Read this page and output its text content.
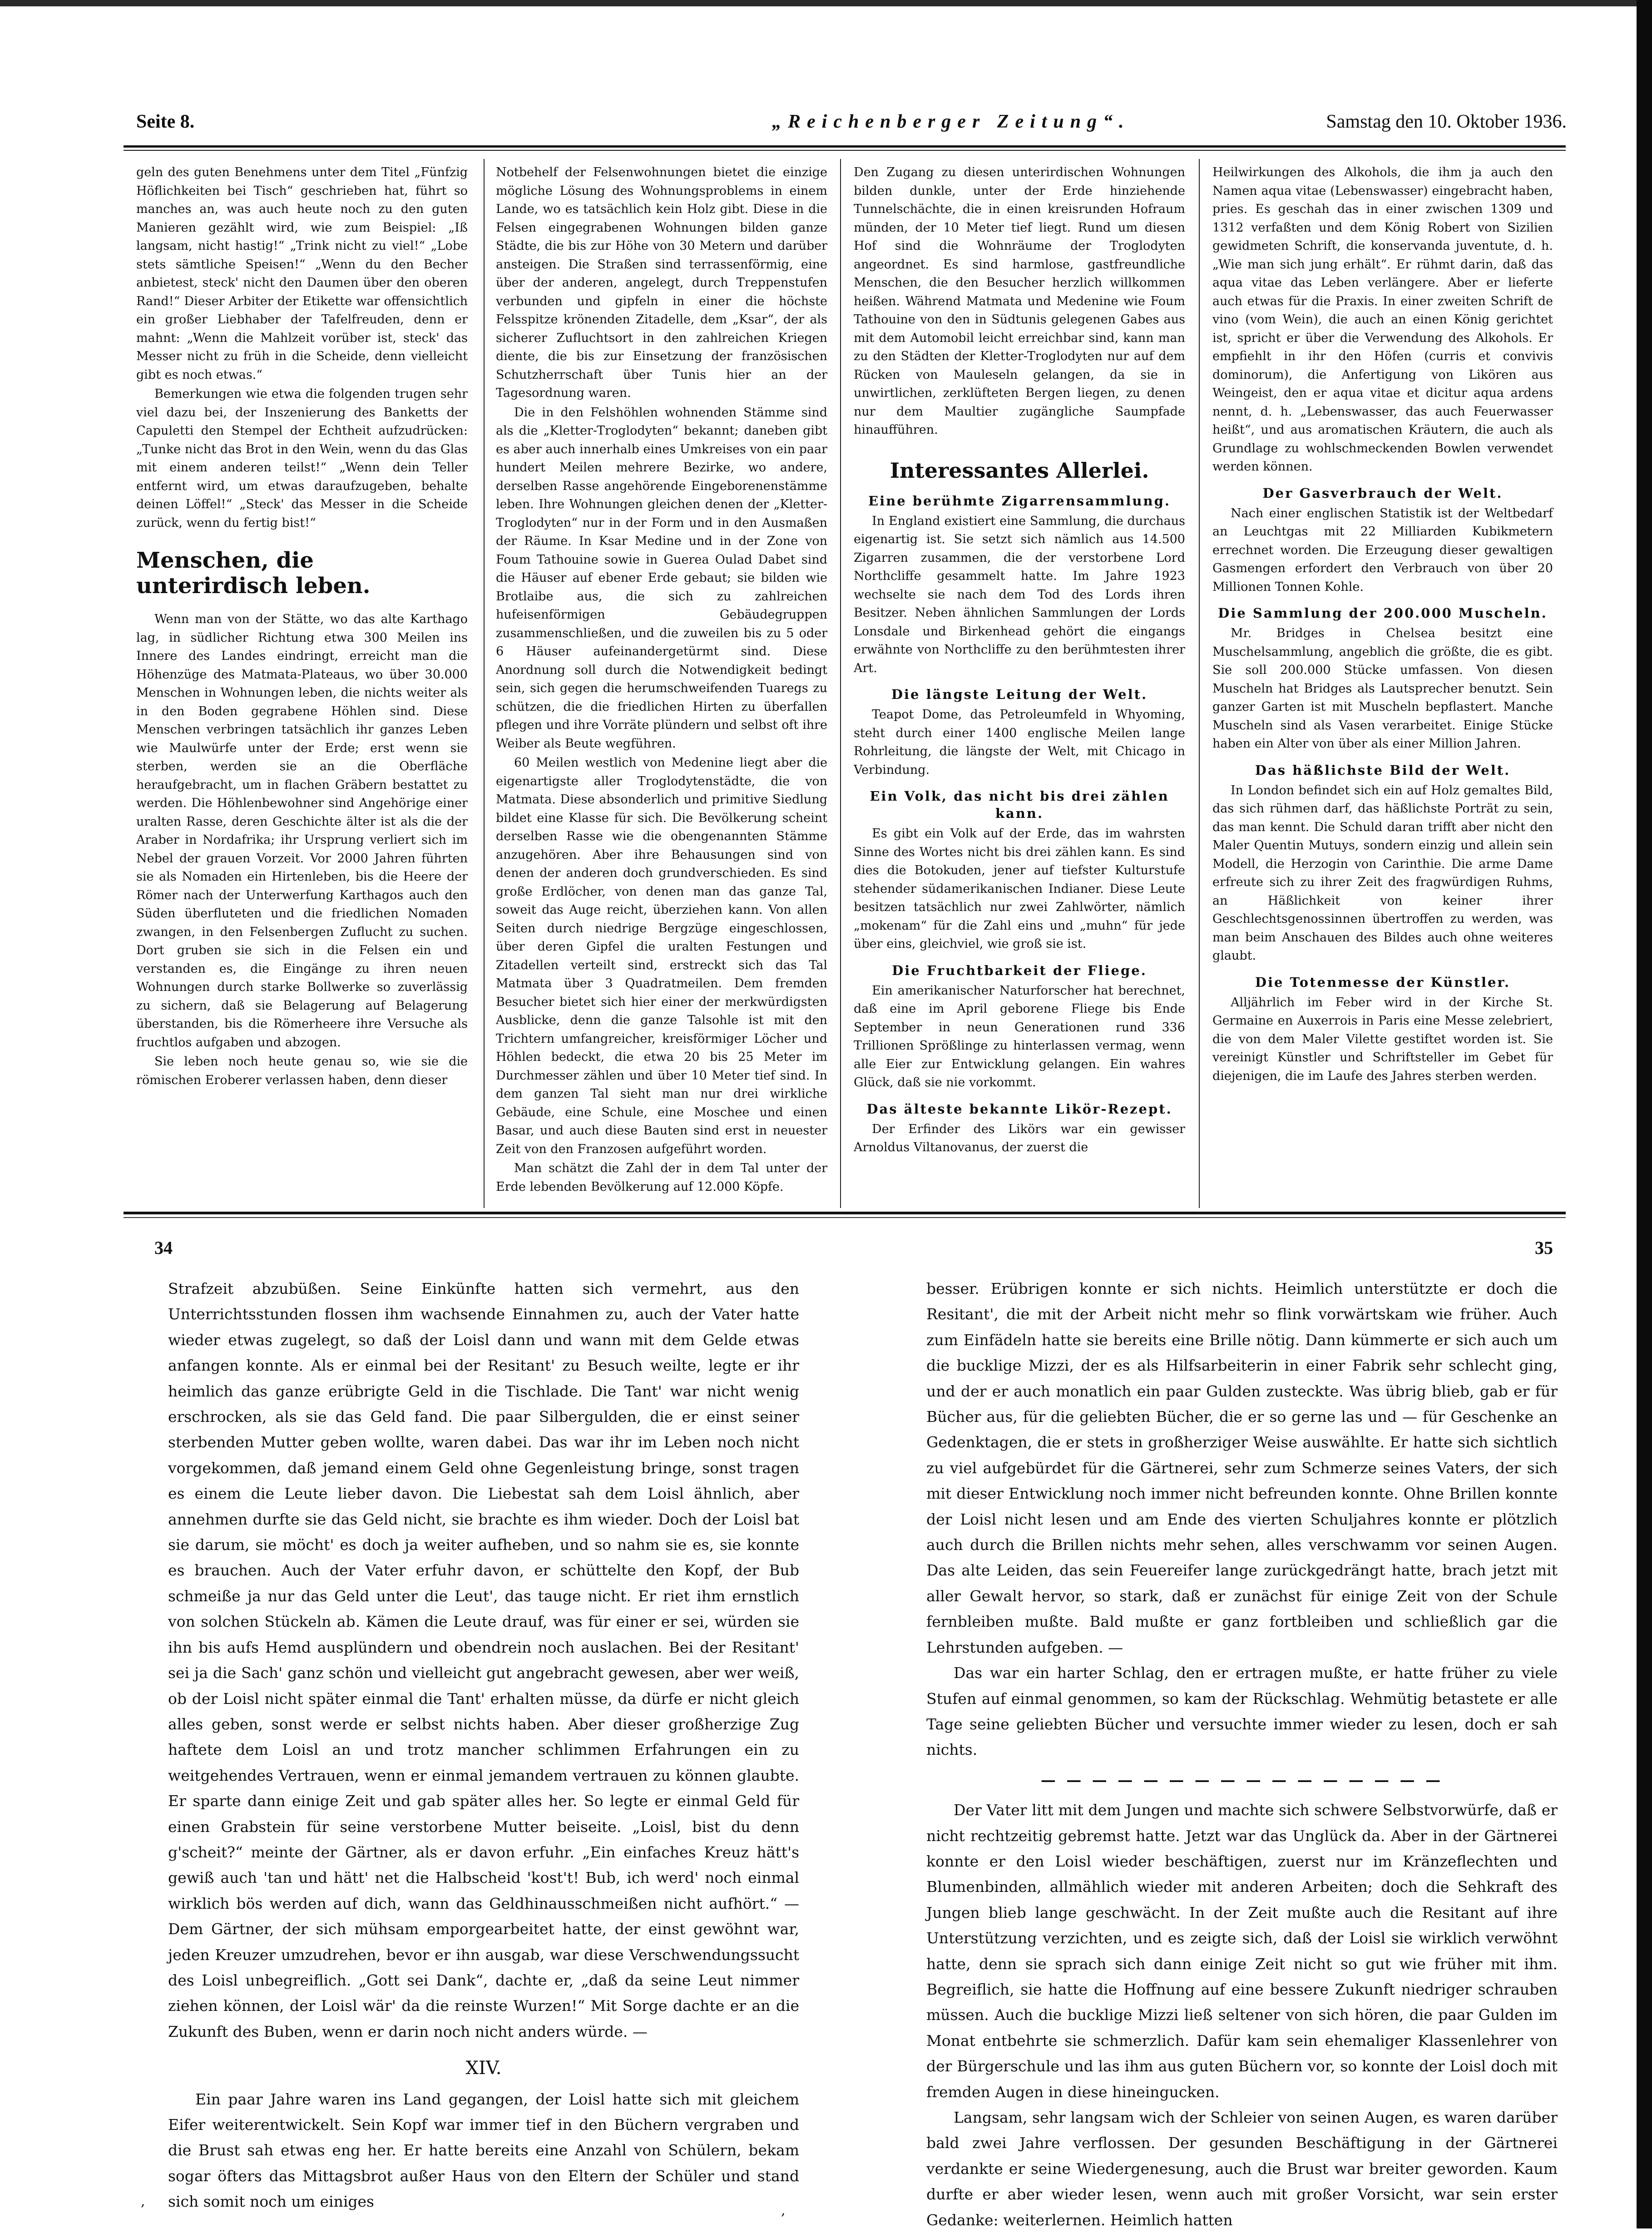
Seite 8.	„Reichenberger Zeitung“.	Samstag den 10. Oktober 1936.

geln des guten Benehmens unter dem Titel „Fünfzig Höflichkeiten bei Tisch“ geschrieben hat, führt so manches an, was auch heute noch zu den guten Manieren gezählt wird, wie zum Beispiel: „Iß langsam, nicht hastig!“ „Trink nicht zu viel!“ „Lobe stets sämtliche Speisen!“ „Wenn du den Becher anbietest, steck' nicht den Daumen über den oberen Rand!“ Dieser Arbiter der Etikette war offensichtlich ein großer Liebhaber der Tafelfreuden, denn er mahnt: „Wenn die Mahlzeit vorüber ist, steck' das Messer nicht zu früh in die Scheide, denn vielleicht gibt es noch etwas.“

Bemerkungen wie etwa die folgenden trugen sehr viel dazu bei, der Inszenierung des Banketts der Capuletti den Stempel der Echtheit aufzudrücken: „Tunke nicht das Brot in den Wein, wenn du das Glas mit einem anderen teilst!“ „Wenn dein Teller entfernt wird, um etwas daraufzugeben, behalte deinen Löffel!“ „Steck' das Messer in die Scheide zurück, wenn du fertig bist!“

Menschen, die unterirdisch leben.

Wenn man von der Stätte, wo das alte Karthago lag, in südlicher Richtung etwa 300 Meilen ins Innere des Landes eindringt, erreicht man die Höhenzüge des Matmata-Plateaus, wo über 30.000 Menschen in Wohnungen leben, die nichts weiter als in den Boden gegrabene Höhlen sind. Diese Menschen verbringen tatsächlich ihr ganzes Leben wie Maulwürfe unter der Erde; erst wenn sie sterben, werden sie an die Oberfläche heraufgebracht, um in flachen Gräbern bestattet zu werden. Die Höhlenbewohner sind Angehörige einer uralten Rasse, deren Geschichte älter ist als die der Araber in Nordafrika; ihr Ursprung verliert sich im Nebel der grauen Vorzeit. Vor 2000 Jahren führten sie als Nomaden ein Hirtenleben, bis die Heere der Römer nach der Unterwerfung Karthagos auch den Süden überfluteten und die friedlichen Nomaden zwangen, in den Felsenbergen Zuflucht zu suchen. Dort gruben sie sich in die Felsen ein und verstanden es, die Eingänge zu ihren neuen Wohnungen durch starke Bollwerke so zuverlässig zu sichern, daß sie Belagerung auf Belagerung überstanden, bis die Römerheere ihre Versuche als fruchtlos aufgaben und abzogen.

Sie leben noch heute genau so, wie sie die römischen Eroberer verlassen haben, denn dieser

Notbehelf der Felsenwohnungen bietet die einzige mögliche Lösung des Wohnungsproblems in einem Lande, wo es tatsächlich kein Holz gibt. Diese in die Felsen eingegrabenen Wohnungen bilden ganze Städte, die bis zur Höhe von 30 Metern und darüber ansteigen. Die Straßen sind terrassenförmig, eine über der anderen, angelegt, durch Treppenstufen verbunden und gipfeln in einer die höchste Felsspitze krönenden Zitadelle, dem „Ksar“, der als sicherer Zufluchtsort in den zahlreichen Kriegen diente, die bis zur Einsetzung der französischen Schutzherrschaft über Tunis hier an der Tagesordnung waren.

Die in den Felshöhlen wohnenden Stämme sind als die „Kletter-Troglodyten“ bekannt; daneben gibt es aber auch innerhalb eines Umkreises von ein paar hundert Meilen mehrere Bezirke, wo andere, derselben Rasse angehörende Eingeborenenstämme leben. Ihre Wohnungen gleichen denen der „Kletter-Troglodyten“ nur in der Form und in den Ausmaßen der Räume. In Ksar Medine und in der Zone von Foum Tathouine sowie in Guerea Oulad Dabet sind die Häuser auf ebener Erde gebaut; sie bilden wie Brotlaibe aus, die sich zu zahlreichen hufeisenförmigen Gebäudegruppen zusammenschließen, und die zuweilen bis zu 5 oder 6 Häuser aufeinandergetürmt sind. Diese Anordnung soll durch die Notwendigkeit bedingt sein, sich gegen die herumschweifenden Tuaregs zu schützen, die die friedlichen Hirten zu überfallen pflegen und ihre Vorräte plündern und selbst oft ihre Weiber als Beute wegführen.

60 Meilen westlich von Medenine liegt aber die eigenartigste aller Troglodytenstädte, die von Matmata. Diese absonderlich und primitive Siedlung bildet eine Klasse für sich. Die Bevölkerung scheint derselben Rasse wie die obengenannten Stämme anzugehören. Aber ihre Behausungen sind von denen der anderen doch grundverschieden. Es sind große Erdlöcher, von denen man das ganze Tal, soweit das Auge reicht, überziehen kann. Von allen Seiten durch niedrige Bergzüge eingeschlossen, über deren Gipfel die uralten Festungen und Zitadellen verteilt sind, erstreckt sich das Tal Matmata über 3 Quadratmeilen. Dem fremden Besucher bietet sich hier einer der merkwürdigsten Ausblicke, denn die ganze Talsohle ist mit den Trichtern umfangreicher, kreisförmiger Löcher und Höhlen bedeckt, die etwa 20 bis 25 Meter im Durchmesser zählen und über 10 Meter tief sind. In dem ganzen Tal sieht man nur drei wirkliche Gebäude, eine Schule, eine Moschee und einen Basar, und auch diese Bauten sind erst in neuester Zeit von den Franzosen aufgeführt worden.

Man schätzt die Zahl der in dem Tal unter der Erde lebenden Bevölkerung auf 12.000 Köpfe.

Den Zugang zu diesen unterirdischen Wohnungen bilden dunkle, unter der Erde hinziehende Tunnelschächte, die in einen kreisrunden Hofraum münden, der 10 Meter tief liegt. Rund um diesen Hof sind die Wohnräume der Troglodyten angeordnet. Es sind harmlose, gastfreundliche Menschen, die den Besucher herzlich willkommen heißen. Während Matmata und Medenine wie Foum Tathouine von den in Südtunis gelegenen Gabes aus mit dem Automobil leicht erreichbar sind, kann man zu den Städten der Kletter-Troglodyten nur auf dem Rücken von Mauleseln gelangen, da sie in unwirtlichen, zerklüfteten Bergen liegen, zu denen nur dem Maultier zugängliche Saumpfade hinaufführen.

Interessantes Allerlei.
Eine berühmte Zigarrensammlung.

In England existiert eine Sammlung, die durchaus eigenartig ist. Sie setzt sich nämlich aus 14.500 Zigarren zusammen, die der verstorbene Lord Northcliffe gesammelt hatte. Im Jahre 1923 wechselte sie nach dem Tod des Lords ihren Besitzer. Neben ähnlichen Sammlungen der Lords Lonsdale und Birkenhead gehört die eingangs erwähnte von Northcliffe zu den berühmtesten ihrer Art.

Die längste Leitung der Welt.

Teapot Dome, das Petroleumfeld in Whyoming, steht durch einer 1400 englische Meilen lange Rohrleitung, die längste der Welt, mit Chicago in Verbindung.

Ein Volk, das nicht bis drei zählen kann.

Es gibt ein Volk auf der Erde, das im wahrsten Sinne des Wortes nicht bis drei zählen kann. Es sind dies die Botokuden, jener auf tiefster Kulturstufe stehender südamerikanischen Indianer. Diese Leute besitzen tatsächlich nur zwei Zahlwörter, nämlich „mokenam“ für die Zahl eins und „muhn“ für jede über eins, gleichviel, wie groß sie ist.

Die Fruchtbarkeit der Fliege.

Ein amerikanischer Naturforscher hat berechnet, daß eine im April geborene Fliege bis Ende September in neun Generationen rund 336 Trillionen Sprößlinge zu hinterlassen vermag, wenn alle Eier zur Entwicklung gelangen. Ein wahres Glück, daß sie nie vorkommt.

Das älteste bekannte Likör-Rezept.

Der Erfinder des Likörs war ein gewisser Arnoldus Viltanovanus, der zuerst die

Heilwirkungen des Alkohols, die ihm ja auch den Namen aqua vitae (Lebenswasser) eingebracht haben, pries. Es geschah das in einer zwischen 1309 und 1312 verfaßten und dem König Robert von Sizilien gewidmeten Schrift, die konservanda juventute, d. h. „Wie man sich jung erhält“. Er rühmt darin, daß das aqua vitae das Leben verlängere. Aber er lieferte auch etwas für die Praxis. In einer zweiten Schrift de vino (vom Wein), die auch an einen König gerichtet ist, spricht er über die Verwendung des Alkohols. Er empfiehlt in ihr den Höfen (curris et convivis dominorum), die Anfertigung von Likören aus Weingeist, den er aqua vitae et dicitur aqua ardens nennt, d. h. „Lebenswasser, das auch Feuerwasser heißt“, und aus aromatischen Kräutern, die auch als Grundlage zu wohlschmeckenden Bowlen verwendet werden können.

Der Gasverbrauch der Welt.

Nach einer englischen Statistik ist der Weltbedarf an Leuchtgas mit 22 Milliarden Kubikmetern errechnet worden. Die Erzeugung dieser gewaltigen Gasmengen erfordert den Verbrauch von über 20 Millionen Tonnen Kohle.

Die Sammlung der 200.000 Muscheln.

Mr. Bridges in Chelsea besitzt eine Muschelsammlung, angeblich die größte, die es gibt. Sie soll 200.000 Stücke umfassen. Von diesen Muscheln hat Bridges als Lautsprecher benutzt. Sein ganzer Garten ist mit Muscheln bepflastert. Manche Muscheln sind als Vasen verarbeitet. Einige Stücke haben ein Alter von über als einer Million Jahren.

Das häßlichste Bild der Welt.

In London befindet sich ein auf Holz gemaltes Bild, das sich rühmen darf, das häßlichste Porträt zu sein, das man kennt. Die Schuld daran trifft aber nicht den Maler Quentin Mutuys, sondern einzig und allein sein Modell, die Herzogin von Carinthie. Die arme Dame erfreute sich zu ihrer Zeit des fragwürdigen Ruhms, an Häßlichkeit von keiner ihrer Geschlechtsgenossinnen übertroffen zu werden, was man beim Anschauen des Bildes auch ohne weiteres glaubt.

Die Totenmesse der Künstler.

Alljährlich im Feber wird in der Kirche St. Germaine en Auxerrois in Paris eine Messe zelebriert, die von dem Maler Vilette gestiftet worden ist. Sie vereinigt Künstler und Schriftsteller im Gebet für diejenigen, die im Laufe des Jahres sterben werden.

34	35

Strafzeit abzubüßen. Seine Einkünfte hatten sich vermehrt, aus den Unterrichtsstunden flossen ihm wachsende Einnahmen zu, auch der Vater hatte wieder etwas zugelegt, so daß der Loisl dann und wann mit dem Gelde etwas anfangen konnte. Als er einmal bei der Resitant' zu Besuch weilte, legte er ihr heimlich das ganze erübrigte Geld in die Tischlade. Die Tant' war nicht wenig erschrocken, als sie das Geld fand. Die paar Silbergulden, die er einst seiner sterbenden Mutter geben wollte, waren dabei. Das war ihr im Leben noch nicht vorgekommen, daß jemand einem Geld ohne Gegenleistung bringe, sonst tragen es einem die Leute lieber davon. Die Liebestat sah dem Loisl ähnlich, aber annehmen durfte sie das Geld nicht, sie brachte es ihm wieder. Doch der Loisl bat sie darum, sie möcht' es doch ja weiter aufheben, und so nahm sie es, sie konnte es brauchen. Auch der Vater erfuhr davon, er schüttelte den Kopf, der Bub schmeiße ja nur das Geld unter die Leut', das tauge nicht. Er riet ihm ernstlich von solchen Stückeln ab. Kämen die Leute drauf, was für einer er sei, würden sie ihn bis aufs Hemd ausplündern und obendrein noch auslachen. Bei der Resitant' sei ja die Sach' ganz schön und vielleicht gut angebracht gewesen, aber wer weiß, ob der Loisl nicht später einmal die Tant' erhalten müsse, da dürfe er nicht gleich alles geben, sonst werde er selbst nichts haben. Aber dieser großherzige Zug haftete dem Loisl an und trotz mancher schlimmen Erfahrungen ein zu weitgehendes Vertrauen, wenn er einmal jemandem vertrauen zu können glaubte. Er sparte dann einige Zeit und gab später alles her. So legte er einmal Geld für einen Grabstein für seine verstorbene Mutter beiseite. „Loisl, bist du denn g'scheit?“ meinte der Gärtner, als er davon erfuhr. „Ein einfaches Kreuz hätt's gewiß auch 'tan und hätt' net die Halbscheid 'kost't! Bub, ich werd' noch einmal wirklich bös werden auf dich, wann das Geldhinausschmeißen nicht aufhört.“ — Dem Gärtner, der sich mühsam emporgearbeitet hatte, der einst gewöhnt war, jeden Kreuzer umzudrehen, bevor er ihn ausgab, war diese Verschwendungssucht des Loisl unbegreiflich. „Gott sei Dank“, dachte er, „daß da seine Leut nimmer ziehen können, der Loisl wär' da die reinste Wurzen!“ Mit Sorge dachte er an die Zukunft des Buben, wenn er darin noch nicht anders würde. —

XIV.

Ein paar Jahre waren ins Land gegangen, der Loisl hatte sich mit gleichem Eifer weiterentwickelt. Sein Kopf war immer tief in den Büchern vergraben und die Brust sah etwas eng her. Er hatte bereits eine Anzahl von Schülern, bekam sogar öfters das Mittagsbrot außer Haus von den Eltern der Schüler und stand sich somit noch um einiges

besser. Erübrigen konnte er sich nichts. Heimlich unterstützte er doch die Resitant', die mit der Arbeit nicht mehr so flink vorwärtskam wie früher. Auch zum Einfädeln hatte sie bereits eine Brille nötig. Dann kümmerte er sich auch um die bucklige Mizzi, der es als Hilfsarbeiterin in einer Fabrik sehr schlecht ging, und der er auch monatlich ein paar Gulden zusteckte. Was übrig blieb, gab er für Bücher aus, für die geliebten Bücher, die er so gerne las und — für Geschenke an Gedenktagen, die er stets in großherziger Weise auswählte. Er hatte sich sichtlich zu viel aufgebürdet für die Gärtnerei, sehr zum Schmerze seines Vaters, der sich mit dieser Entwicklung noch immer nicht befreunden konnte. Ohne Brillen konnte der Loisl nicht lesen und am Ende des vierten Schuljahres konnte er plötzlich auch durch die Brillen nichts mehr sehen, alles verschwamm vor seinen Augen. Das alte Leiden, das sein Feuereifer lange zurückgedrängt hatte, brach jetzt mit aller Gewalt hervor, so stark, daß er zunächst für einige Zeit von der Schule fernbleiben mußte. Bald mußte er ganz fortbleiben und schließlich gar die Lehrstunden aufgeben. —

Das war ein harter Schlag, den er ertragen mußte, er hatte früher zu viele Stufen auf einmal genommen, so kam der Rückschlag. Wehmütig betastete er alle Tage seine geliebten Bücher und versuchte immer wieder zu lesen, doch er sah nichts.

— — — — — — — — — — — — — — — —

Der Vater litt mit dem Jungen und machte sich schwere Selbstvorwürfe, daß er nicht rechtzeitig gebremst hatte. Jetzt war das Unglück da. Aber in der Gärtnerei konnte er den Loisl wieder beschäftigen, zuerst nur im Kränzeflechten und Blumenbinden, allmählich wieder mit anderen Arbeiten; doch die Sehkraft des Jungen blieb lange geschwächt. In der Zeit mußte auch die Resitant auf ihre Unterstützung verzichten, und es zeigte sich, daß der Loisl sie wirklich verwöhnt hatte, denn sie sprach sich dann einige Zeit nicht so gut wie früher mit ihm. Begreiflich, sie hatte die Hoffnung auf eine bessere Zukunft niedriger schrauben müssen. Auch die bucklige Mizzi ließ seltener von sich hören, die paar Gulden im Monat entbehrte sie schmerzlich. Dafür kam sein ehemaliger Klassenlehrer von der Bürgerschule und las ihm aus guten Büchern vor, so konnte der Loisl doch mit fremden Augen in diese hineingucken.

Langsam, sehr langsam wich der Schleier von seinen Augen, es waren darüber bald zwei Jahre verflossen. Der gesunden Beschäftigung in der Gärtnerei verdankte er seine Wiedergenesung, auch die Brust war breiter geworden. Kaum durfte er aber wieder lesen, wenn auch mit großer Vorsicht, war sein erster Gedanke: weiterlernen. Heimlich hatten

,
,
